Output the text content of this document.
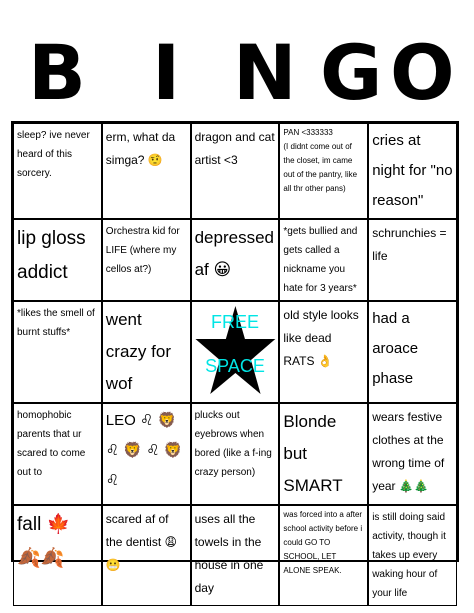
B I N G O
sleep? ive never heard of this sorcery.
erm, what da simga? 🤨
dragon and cat artist <3
PAN <333333
(I didnt come out of the closet, im came out of the pantry, like all thr other pans)
cries at night for "no reason"
lip gloss addict
Orchestra kid for LIFE (where my cellos at?)
depressed af 😀
*gets bullied and gets called a nickname you hate for 3 years*
schrunchies = life
*likes the smell of burnt stuffs*
went crazy for wof
FREE
SPACE
old style looks like dead RATS 👌
had a aroace phase
homophobic parents that ur scared to come out to
LEO ♌ 🦁 ♌ 🦁 ♌ 🦁 ♌
plucks out eyebrows when bored (like a f-ing crazy person)
Blonde but SMART
wears festive clothes at the wrong time of year 🎄🎄
fall 🍁 🍂🍂
scared af of the dentist 😩😬
uses all the towels in the house in one day
was forced into a after school activity before i could GO TO SCHOOL, LET ALONE SPEAK.
is still doing said activity, though it takes up every waking hour of your life
